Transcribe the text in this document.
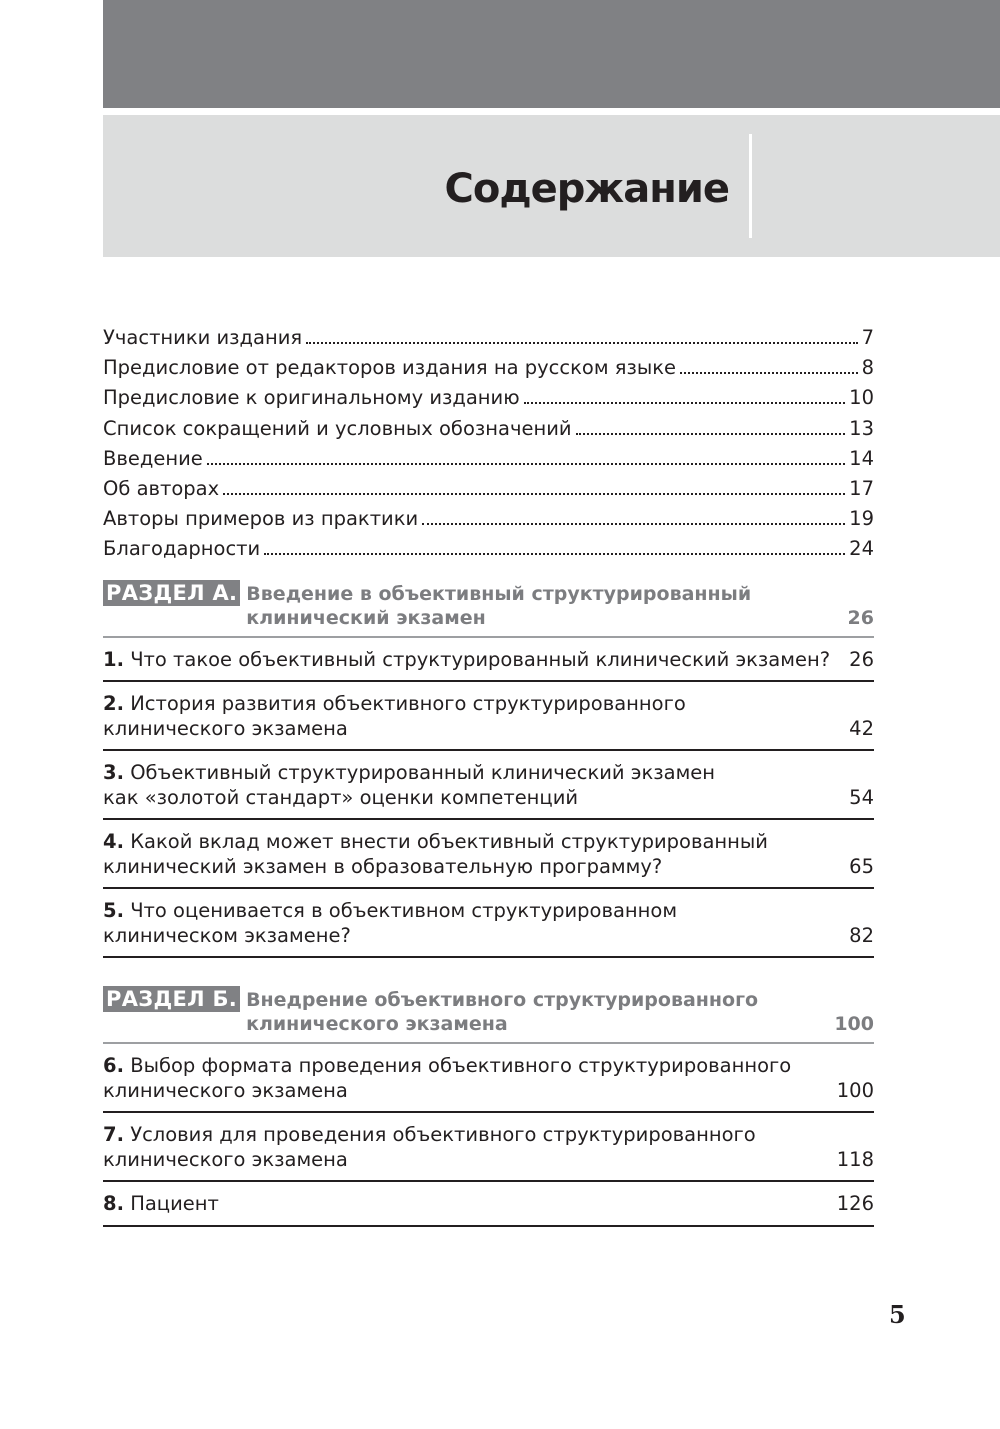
Содержание
Участники издания	7
Предисловие от редакторов издания на русском языке	8
Предисловие к оригинальному изданию	10
Список сокращений и условных обозначений	13
Введение	14
Об авторах	17
Авторы примеров из практики	19
Благодарности	24
РАЗДЕЛ А. Введение в объективный структурированный
клинический экзамен	26
1. Что такое объективный структурированный клинический экзамен? 26
2. История развития объективного структурированного
клинического экзамена	42
3. Объективный структурированный клинический экзамен
как «золотой стандарт» оценки компетенций	54
4. Какой вклад может внести объективный структурированный
клинический экзамен в образовательную программу?	65
5. Что оценивается в объективном структурированном
клиническом экзамене?	82
РАЗДЕЛ Б. Внедрение объективного структурированного
клинического экзамена	100
6. Выбор формата проведения объективного структурированного
клинического экзамена	100
7. Условия для проведения объективного структурированного
клинического экзамена	118
8. Пациент	126
5
